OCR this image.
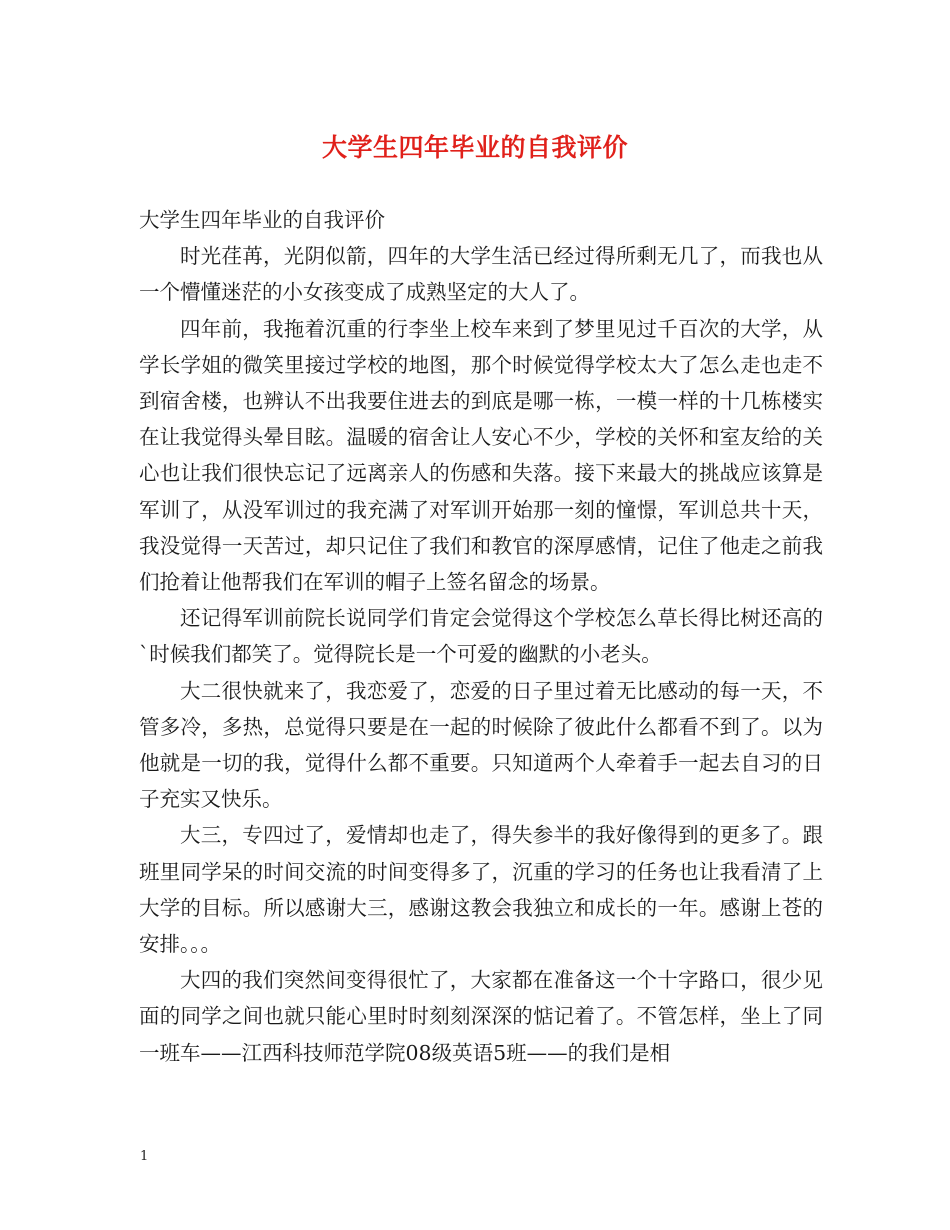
大学生四年毕业的自我评价

大学生四年毕业的自我评价

时光荏苒，光阴似箭，四年的大学生活已经过得所剩无几了，而我也从一个懵懂迷茫的小女孩变成了成熟坚定的大人了。

四年前，我拖着沉重的行李坐上校车来到了梦里见过千百次的大学，从学长学姐的微笑里接过学校的地图，那个时候觉得学校太大了怎么走也走不到宿舍楼，也辨认不出我要住进去的到底是哪一栋，一模一样的十几栋楼实在让我觉得头晕目眩。温暖的宿舍让人安心不少，学校的关怀和室友给的关心也让我们很快忘记了远离亲人的伤感和失落。接下来最大的挑战应该算是军训了，从没军训过的我充满了对军训开始那一刻的憧憬，军训总共十天，我没觉得一天苦过，却只记住了我们和教官的深厚感情，记住了他走之前我们抢着让他帮我们在军训的帽子上签名留念的场景。

还记得军训前院长说同学们肯定会觉得这个学校怎么草长得比树还高的`时候我们都笑了。觉得院长是一个可爱的幽默的小老头。

大二很快就来了，我恋爱了，恋爱的日子里过着无比感动的每一天，不管多冷，多热，总觉得只要是在一起的时候除了彼此什么都看不到了。以为他就是一切的我，觉得什么都不重要。只知道两个人牵着手一起去自习的日子充实又快乐。

大三，专四过了，爱情却也走了，得失参半的我好像得到的更多了。跟班里同学呆的时间交流的时间变得多了，沉重的学习的任务也让我看清了上大学的目标。所以感谢大三，感谢这教会我独立和成长的一年。感谢上苍的安排。。。

大四的我们突然间变得很忙了，大家都在准备这一个十字路口，很少见面的同学之间也就只能心里时时刻刻深深的惦记着了。不管怎样，坐上了同一班车——江西科技师范学院08级英语5班——的我们是相

1
